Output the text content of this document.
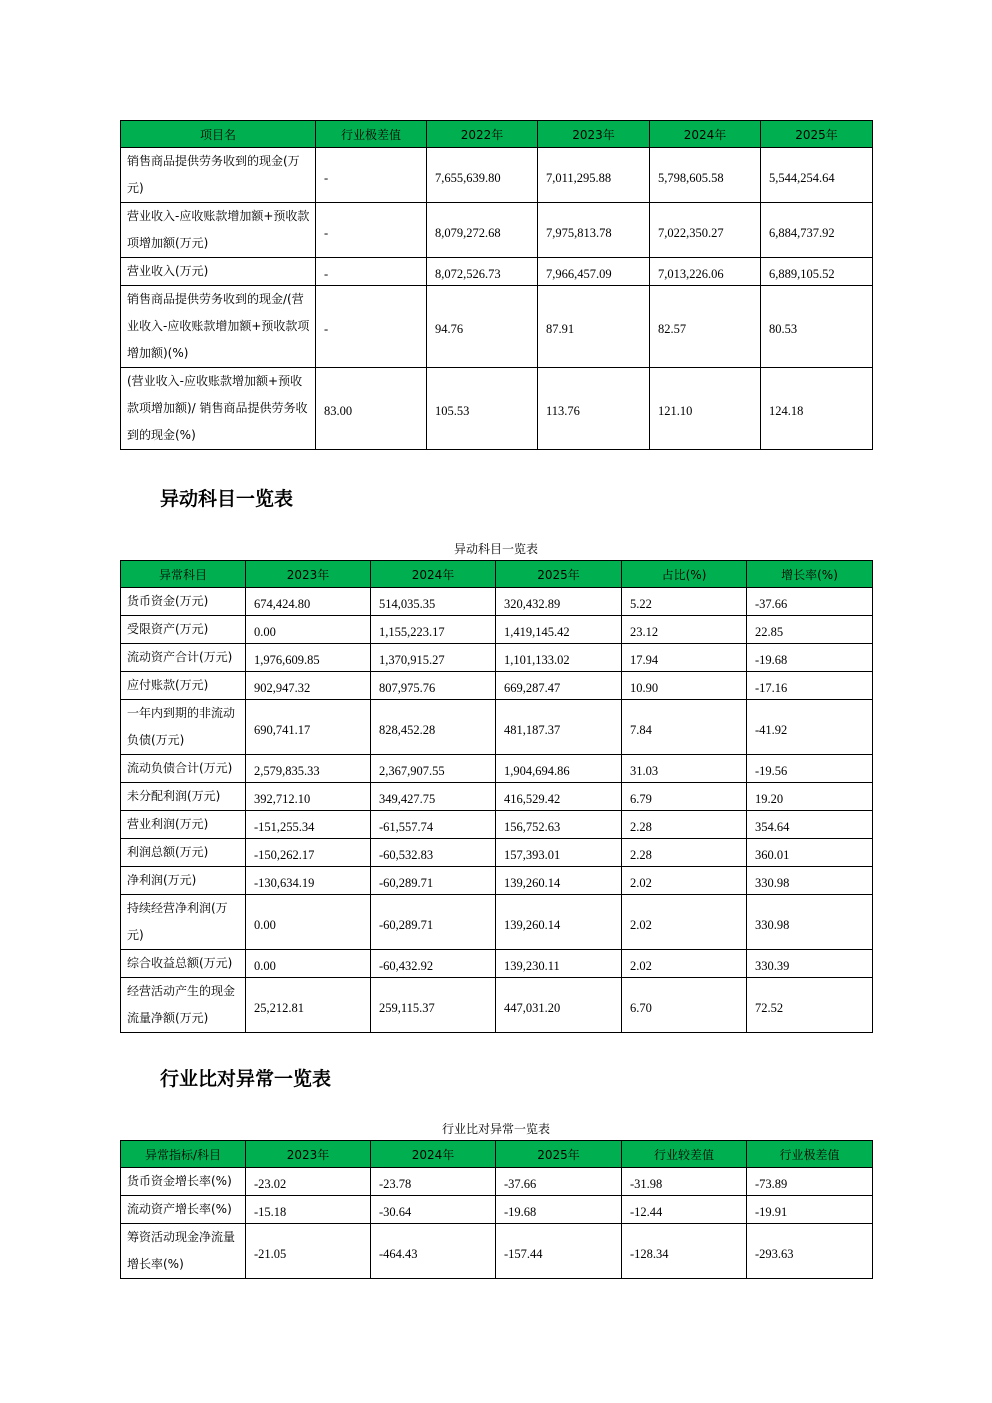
项目名	行业极差值	2022年	2023年	2024年	2025年
销售商品提供劳务收到的现金(万元)	-	7,655,639.80	7,011,295.88	5,798,605.58	5,544,254.64

营业收入-应收账款增加额+预收款项增加额(万元)	-	8,079,272.68	7,975,813.78	7,022,350.27	6,884,737.92

营业收入(万元)	-	8,072,526.73	7,966,457.09	7,013,226.06	6,889,105.52

销售商品提供劳务收到的现金/(营业收入-应收账款增加额+预收款项增加额)(%)	-	94.76	87.91	82.57	80.53

(营业收入-应收账款增加额+预收款项增加额)/ 销售商品提供劳务收到的现金(%)	83.00	105.53	113.76	121.10	124.18
异动科目一览表
异动科目一览表
异常科目	2023年	2024年	2025年	占比(%)	增长率(%)
货币资金(万元)	674,424.80	514,035.35	320,432.89	5.22	-37.66

受限资产(万元)	0.00	1,155,223.17	1,419,145.42	23.12	22.85

流动资产合计(万元)	1,976,609.85	1,370,915.27	1,101,133.02	17.94	-19.68

应付账款(万元)	902,947.32	807,975.76	669,287.47	10.90	-17.16

一年内到期的非流动负债(万元)	690,741.17	828,452.28	481,187.37	7.84	-41.92

流动负债合计(万元)	2,579,835.33	2,367,907.55	1,904,694.86	31.03	-19.56

未分配利润(万元)	392,712.10	349,427.75	416,529.42	6.79	19.20

营业利润(万元)	-151,255.34	-61,557.74	156,752.63	2.28	354.64

利润总额(万元)	-150,262.17	-60,532.83	157,393.01	2.28	360.01

净利润(万元)	-130,634.19	-60,289.71	139,260.14	2.02	330.98

持续经营净利润(万元)	0.00	-60,289.71	139,260.14	2.02	330.98

综合收益总额(万元)	0.00	-60,432.92	139,230.11	2.02	330.39

经营活动产生的现金流量净额(万元)	25,212.81	259,115.37	447,031.20	6.70	72.52
行业比对异常一览表
行业比对异常一览表
异常指标/科目	2023年	2024年	2025年	行业较差值	行业极差值
货币资金增长率(%)	-23.02	-23.78	-37.66	-31.98	-73.89

流动资产增长率(%)	-15.18	-30.64	-19.68	-12.44	-19.91

筹资活动现金净流量增长率(%)	-21.05	-464.43	-157.44	-128.34	-293.63
